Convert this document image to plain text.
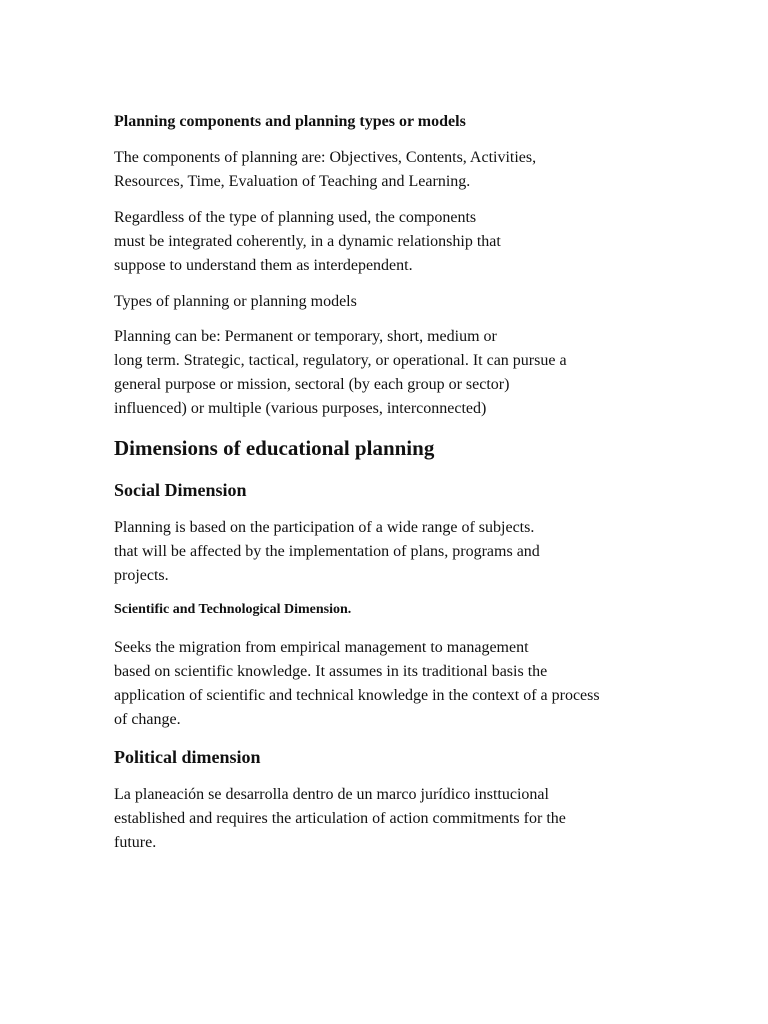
Planning components and planning types or models

The components of planning are: Objectives, Contents, Activities,
Resources, Time, Evaluation of Teaching and Learning.

Regardless of the type of planning used, the components
must be integrated coherently, in a dynamic relationship that
suppose to understand them as interdependent.

Types of planning or planning models

Planning can be: Permanent or temporary, short, medium or
long term. Strategic, tactical, regulatory, or operational. It can pursue a
general purpose or mission, sectoral (by each group or sector)
influenced) or multiple (various purposes, interconnected)

Dimensions of educational planning
Social Dimension

Planning is based on the participation of a wide range of subjects.
that will be affected by the implementation of plans, programs and
projects.

Scientific and Technological Dimension.

Seeks the migration from empirical management to management
based on scientific knowledge. It assumes in its traditional basis the
application of scientific and technical knowledge in the context of a process
of change.

Political dimension

La planeación se desarrolla dentro de un marco jurídico insttucional
established and requires the articulation of action commitments for the
future.
